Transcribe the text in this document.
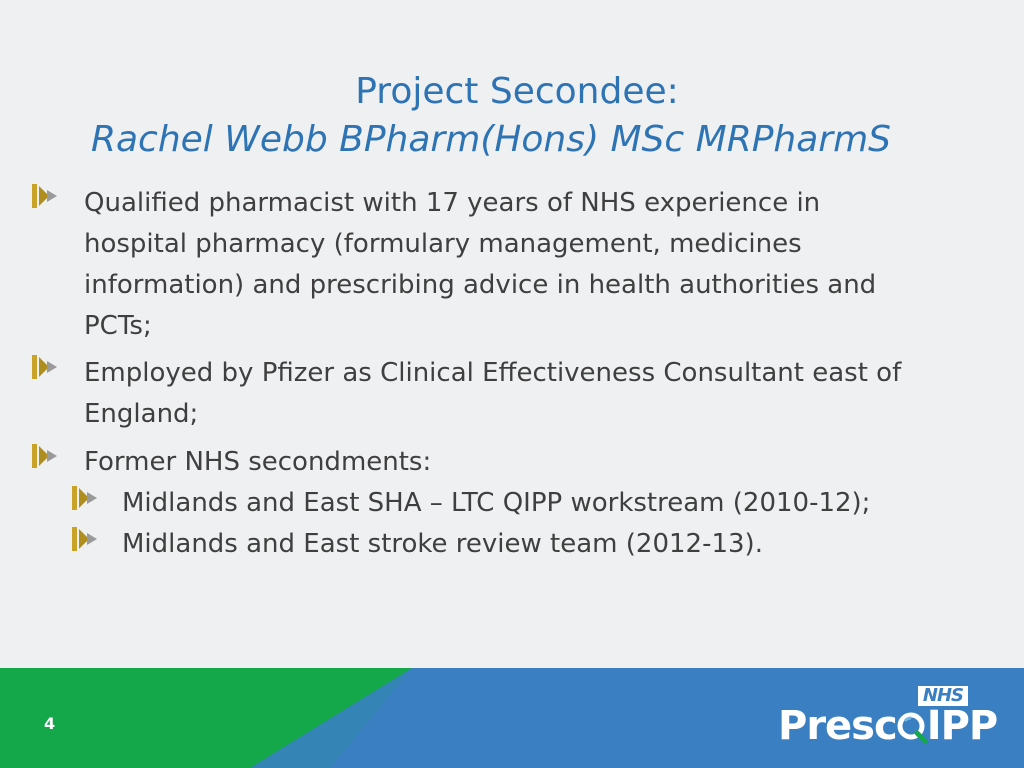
Project Secondee:
Rachel Webb BPharm(Hons) MSc MRPharmS
Qualified pharmacist with 17 years of NHS experience in
hospital pharmacy (formulary management, medicines
information) and prescribing advice in health authorities and
PCTs;
Employed by Pfizer as Clinical Effectiveness Consultant east of
England;
Former NHS secondments:
Midlands and East SHA – LTC QIPP workstream (2010-12);
Midlands and East stroke review team (2012-13).
4
NHS
Presc IPP
